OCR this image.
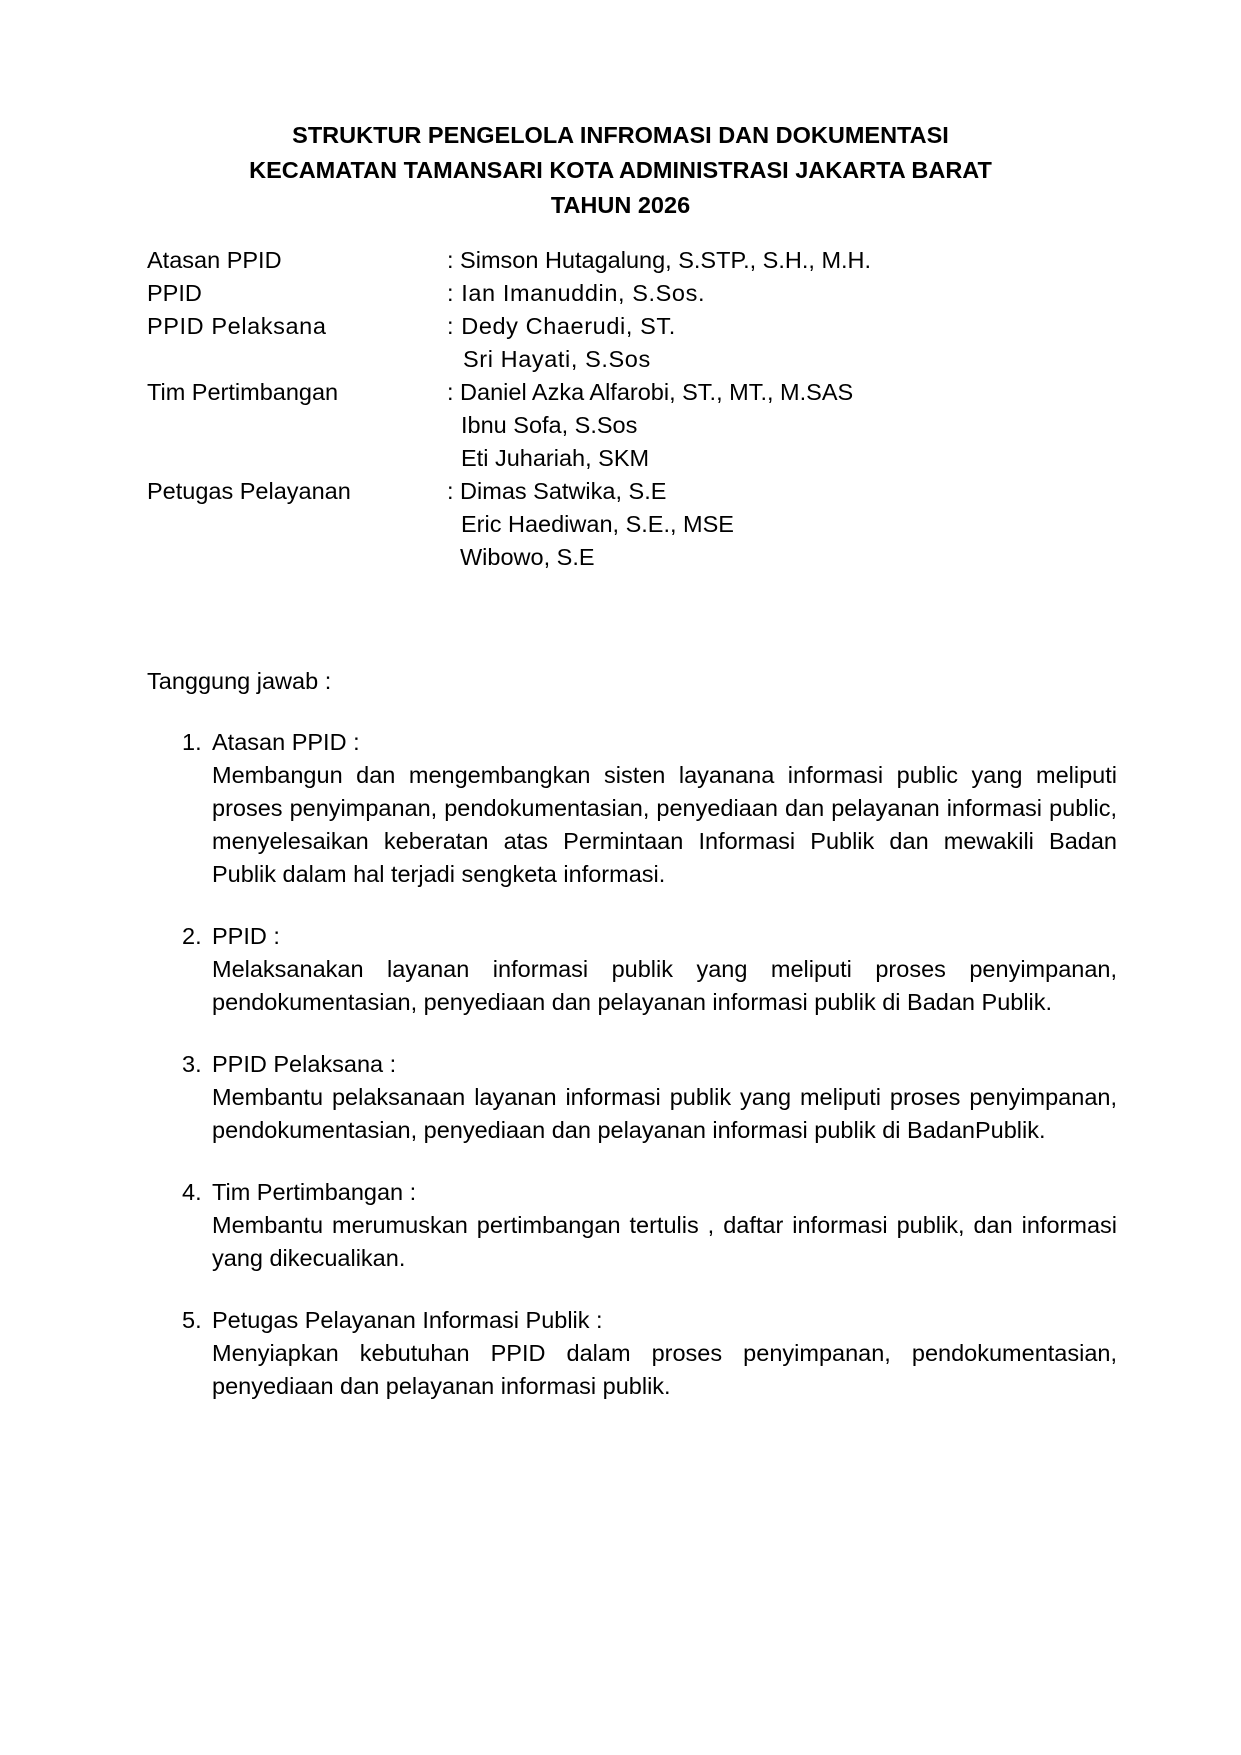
STRUKTUR PENGELOLA INFROMASI DAN DOKUMENTASI
KECAMATAN TAMANSARI KOTA ADMINISTRASI JAKARTA BARAT
TAHUN 2026
Atasan PPID	: Simson Hutagalung, S.STP., S.H., M.H.
PPID	: Ian Imanuddin, S.Sos.
PPID Pelaksana	: Dedy Chaerudi, ST.
Sri Hayati, S.Sos
Tim Pertimbangan	: Daniel Azka Alfarobi, ST., MT., M.SAS
Ibnu Sofa, S.Sos
Eti Juhariah, SKM
Petugas Pelayanan	: Dimas Satwika, S.E
Eric Haediwan, S.E., MSE
Wibowo, S.E
Tanggung jawab :
1. Atasan PPID :
Membangun dan mengembangkan sisten layanana informasi public yang meliputi proses penyimpanan, pendokumentasian, penyediaan dan pelayanan informasi public, menyelesaikan keberatan atas Permintaan Informasi Publik dan mewakili Badan Publik dalam hal terjadi sengketa informasi.
2. PPID :
Melaksanakan layanan informasi publik yang meliputi proses penyimpanan, pendokumentasian, penyediaan dan pelayanan informasi publik di Badan Publik.
3. PPID Pelaksana :
Membantu pelaksanaan layanan informasi publik yang meliputi proses penyimpanan, pendokumentasian, penyediaan dan pelayanan informasi publik di BadanPublik.
4. Tim Pertimbangan :
Membantu merumuskan pertimbangan tertulis , daftar informasi publik, dan informasi yang dikecualikan.
5. Petugas Pelayanan Informasi Publik :
Menyiapkan kebutuhan PPID dalam proses penyimpanan, pendokumentasian, penyediaan dan pelayanan informasi publik.
